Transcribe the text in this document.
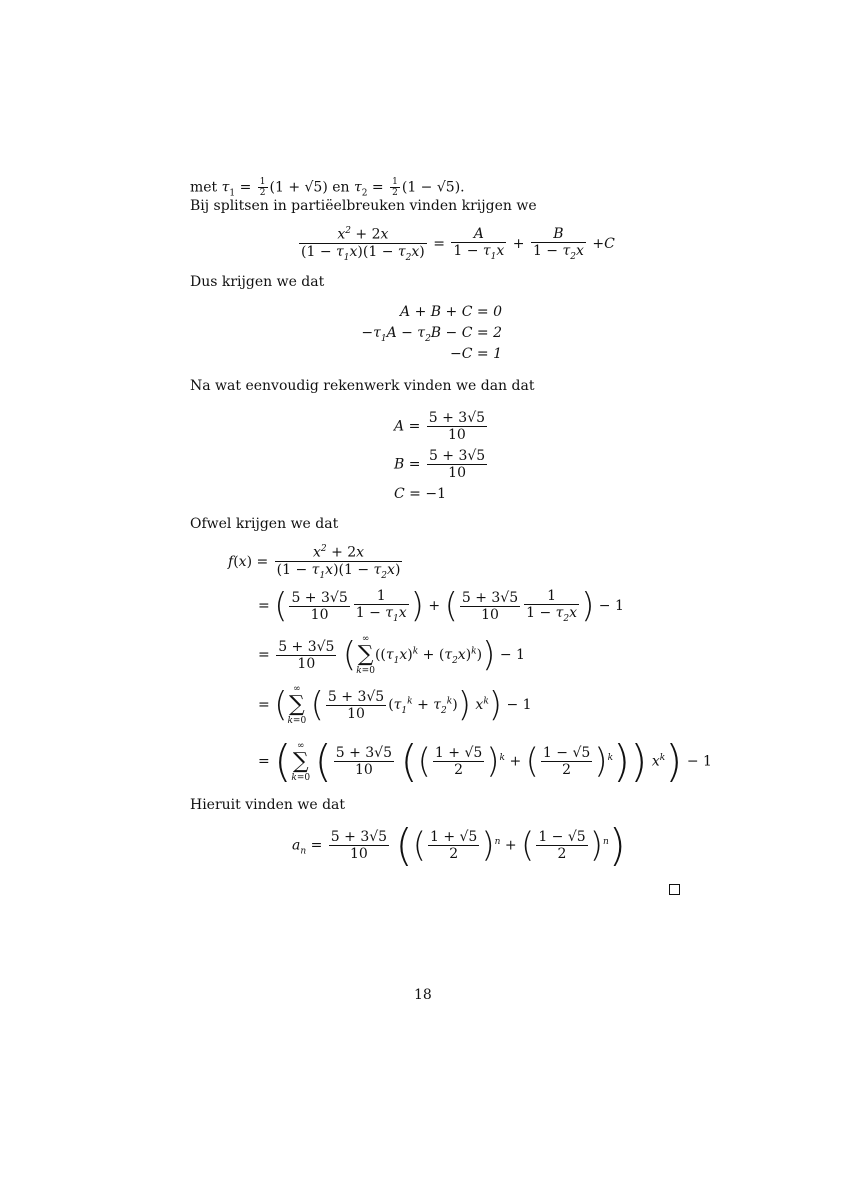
met $\tau_1 = \frac{1}{2} (1 + √5)$ en $\tau_2 = \frac{1}{2} (1 - √5)$.
Bij splitsen in partiëelbreuken vinden krijgen we
$\frac{x^2 + 2x}{(1 - \tau_1x)(1 - \tau_2x)} = \frac{A}{1 - \tau_1x} + \frac{B}{1 - \tau_2x} +C$
Dus krijgen we dat
A + B + C = 0
$-\tau_1A - \tau_2B - C = 2$
−C = 1
Na wat eenvoudig rekenwerk vinden we dan dat
$A = \frac{5 + 3√5}{10}$
$B = \frac{5 + 3√5}{10}$
C = −1
Ofwel krijgen we dat
$f(x) = \frac{x^2 + 2x}{(1 - \tau_1x)(1 - \tau_2x)}$
= ( $\frac{5 + 3√5}{10} \frac{1}{1 - \tau_1x}$ ) + ( $\frac{5 + 3√5}{10} \frac{1}{1 - \tau_2x}$ ) − 1
= $\frac{5 + 3√5}{10}$ ( ∞
∑
k=0
$((\tau_1x)^k + (\tau_2x)^k)) - 1$
= ( ∞
∑
k=0 ( $\frac{5 + 3√5}{10} (\tau_1^k + \tau_2^k)$) $x^k) - 1$
= ( ∞
∑
k=0 ( $\frac{5 + 3√5}{10}$ (( $\frac{1 + √5}{2} )^k$ + ( $\frac{1 - √5}{2} )^k$)) $x^k) - 1$
Hieruit vinden we dat
$a_n = \frac{5 + 3√5}{10}$ (( $\frac{1 + √5}{2} )^n$ + ( $\frac{1 - √5}{2} )^n$)
18
